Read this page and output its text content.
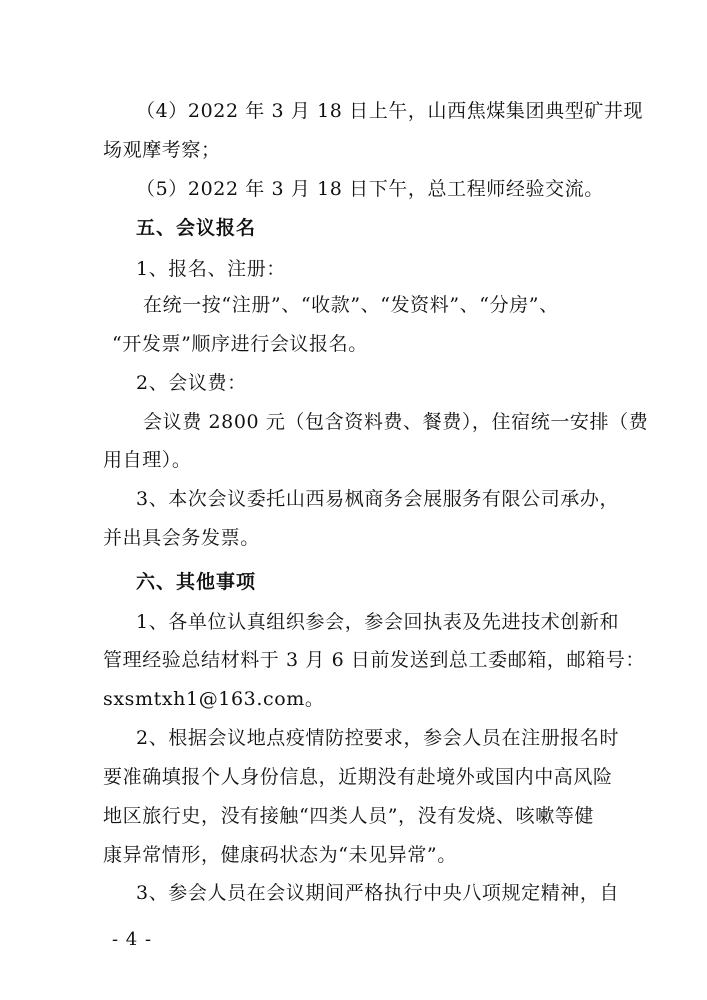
（4）2022 年 3 月 18 日上午，山西焦煤集团典型矿井现
场观摩考察；
（5）2022 年 3 月 18 日下午，总工程师经验交流。
五、会议报名
1、报名、注册：
在统一按“注册”、“收款”、“发资料”、“分房”、
“开发票”顺序进行会议报名。
2、会议费：
会议费 2800 元（包含资料费、餐费），住宿统一安排（费
用自理）。
3、本次会议委托山西易枫商务会展服务有限公司承办，
并出具会务发票。
六、其他事项
1、各单位认真组织参会，参会回执表及先进技术创新和
管理经验总结材料于 3 月 6 日前发送到总工委邮箱，邮箱号：
sxsmtxh1@163.com。
2、根据会议地点疫情防控要求，参会人员在注册报名时
要准确填报个人身份信息，近期没有赴境外或国内中高风险
地区旅行史，没有接触“四类人员”，没有发烧、咳嗽等健
康异常情形，健康码状态为“未见异常”。
3、参会人员在会议期间严格执行中央八项规定精神，自
- 4 -
